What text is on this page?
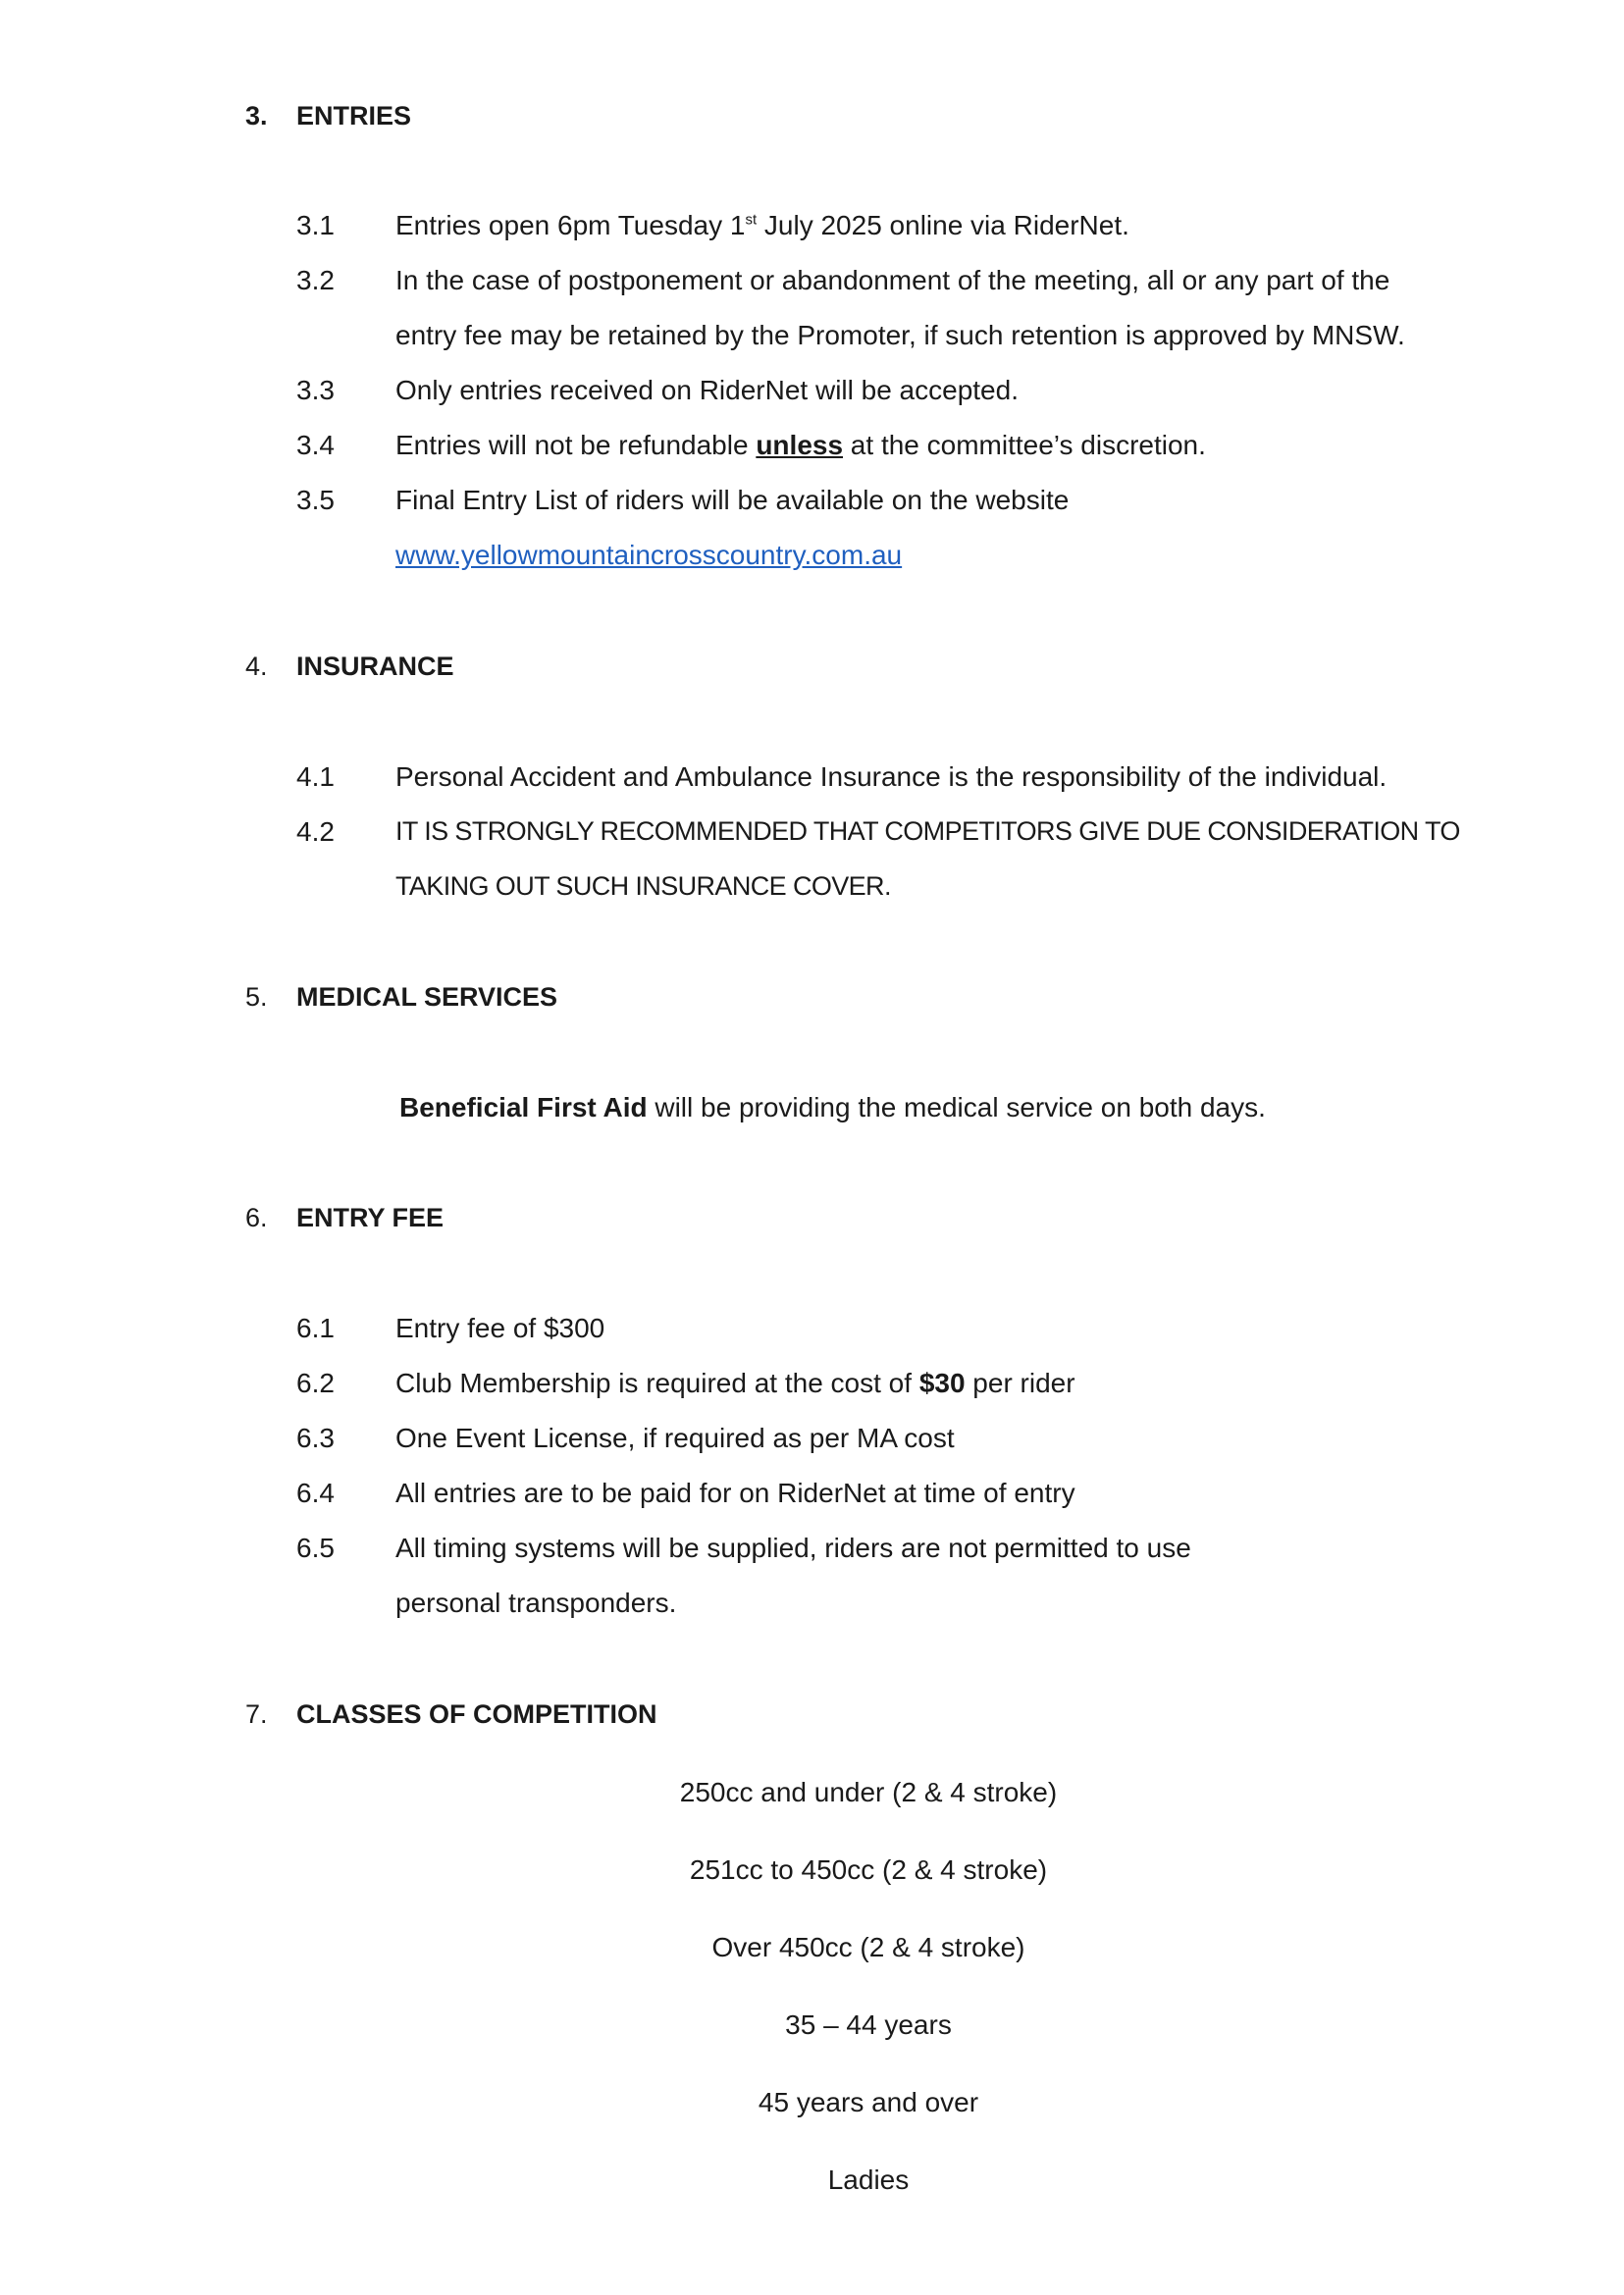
3. ENTRIES
3.1 Entries open 6pm Tuesday 1st July 2025 online via RiderNet.
3.2 In the case of postponement or abandonment of the meeting, all or any part of the
entry fee may be retained by the Promoter, if such retention is approved by MNSW.
3.3 Only entries received on RiderNet will be accepted.
3.4 Entries will not be refundable unless at the committee’s discretion.
3.5 Final Entry List of riders will be available on the website
www.yellowmountaincrosscountry.com.au
4. INSURANCE
4.1 Personal Accident and Ambulance Insurance is the responsibility of the individual.
4.2 IT IS STRONGLY RECOMMENDED THAT COMPETITORS GIVE DUE CONSIDERATION TO
TAKING OUT SUCH INSURANCE COVER.
5. MEDICAL SERVICES
Beneficial First Aid will be providing the medical service on both days.
6. ENTRY FEE
6.1 Entry fee of $300
6.2 Club Membership is required at the cost of $30 per rider
6.3 One Event License, if required as per MA cost
6.4 All entries are to be paid for on RiderNet at time of entry
6.5 All timing systems will be supplied, riders are not permitted to use
personal transponders.
7. CLASSES OF COMPETITION
250cc and under (2 & 4 stroke)
251cc to 450cc (2 & 4 stroke)
Over 450cc (2 & 4 stroke)
35 – 44 years
45 years and over
Ladies
